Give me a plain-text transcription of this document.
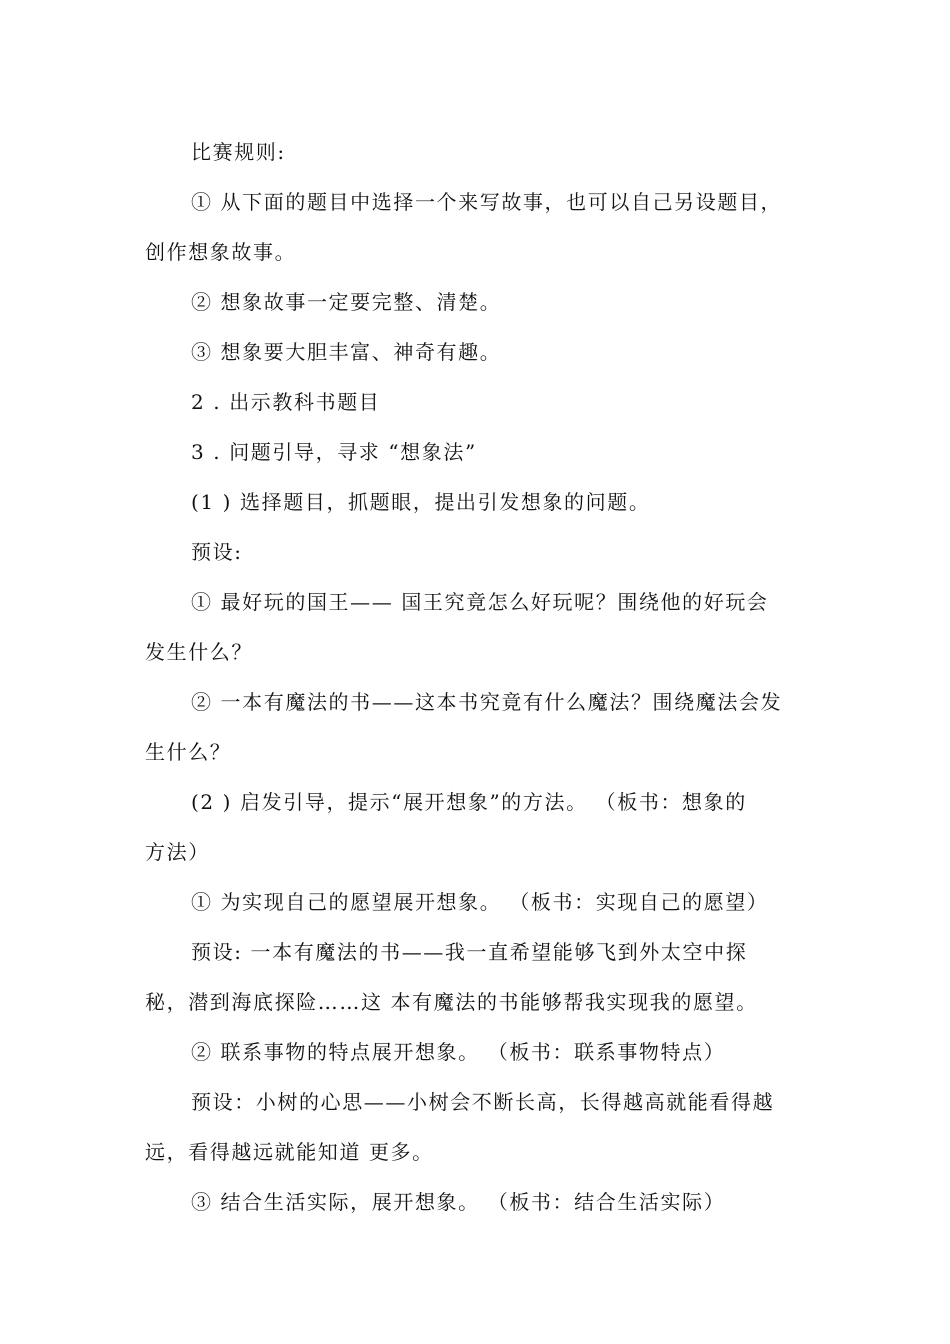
比赛规则:
① 从下面的题目中选择一个来写故事，也可以自己另设题目，
创作想象故事。
② 想象故事一定要完整、清楚。
③ 想象要大胆丰富、神奇有趣。
2 . 出示教科书题目
3 . 问题引导，寻求 “想象法”
(1 ) 选择题目，抓题眼，提出引发想象的问题。
预设:
① 最好玩的国王—— 国王究竟怎么好玩呢？围绕他的好玩会
发生什么？
② 一本有魔法的书——这本书究竟有什么魔法？围绕魔法会发
生什么？
(2 ) 启发引导，提示“展开想象”的方法。 （板书：想象的
方法）
① 为实现自己的愿望展开想象。 （板书：实现自己的愿望）
预设: 一本有魔法的书——我一直希望能够飞到外太空中探
秘，潜到海底探险……这 本有魔法的书能够帮我实现我的愿望。
② 联系事物的特点展开想象。 （板书：联系事物特点）
预设：小树的心思——小树会不断长高，长得越高就能看得越
远，看得越远就能知道 更多。
③ 结合生活实际，展开想象。 （板书：结合生活实际）
